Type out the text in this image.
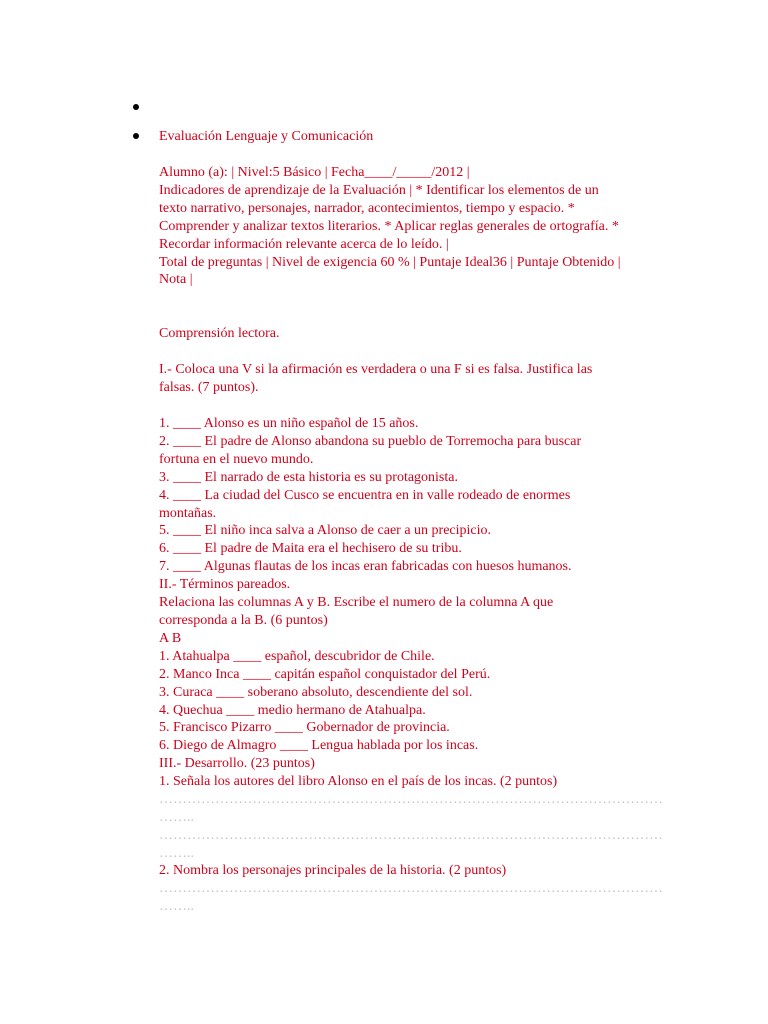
Evaluación Lenguaje y Comunicación
Alumno (a): | Nivel:5 Básico | Fecha____/_____/2012 |
Indicadores de aprendizaje de la Evaluación | * Identificar los elementos de un
texto narrativo, personajes, narrador, acontecimientos, tiempo y espacio. *
Comprender y analizar textos literarios. * Aplicar reglas generales de ortografía. *
Recordar información relevante acerca de lo leído. |
Total de preguntas | Nivel de exigencia 60 % | Puntaje Ideal36 | Puntaje Obtenido |
Nota |
Comprensión lectora.
I.- Coloca una V si la afirmación es verdadera o una F si es falsa. Justifica las
falsas. (7 puntos).
1. ____ Alonso es un niño español de 15 años.
2. ____ El padre de Alonso abandona su pueblo de Torremocha para buscar
fortuna en el nuevo mundo.
3. ____ El narrado de esta historia es su protagonista.
4. ____ La ciudad del Cusco se encuentra en in valle rodeado de enormes
montañas.
5. ____ El niño inca salva a Alonso de caer a un precipicio.
6. ____ El padre de Maita era el hechisero de su tribu.
7. ____ Algunas flautas de los incas eran fabricadas con huesos humanos.
II.- Términos pareados.
Relaciona las columnas A y B. Escribe el numero de la columna A que
corresponda a la B. (6 puntos)
A B
1. Atahualpa ____ español, descubridor de Chile.
2. Manco Inca ____ capitán español conquistador del Perú.
3. Curaca ____ soberano absoluto, descendiente del sol.
4. Quechua ____ medio hermano de Atahualpa.
5. Francisco Pizarro ____ Gobernador de provincia.
6. Diego de Almagro ____ Lengua hablada por los incas.
III.- Desarrollo. (23 puntos)
1. Señala los autores del libro Alonso en el país de los incas. (2 puntos)
………………………………………………………………………………………………
……..
………………………………………………………………………………………………
……..
2. Nombra los personajes principales de la historia. (2 puntos)
………………………………………………………………………………………………
……..
